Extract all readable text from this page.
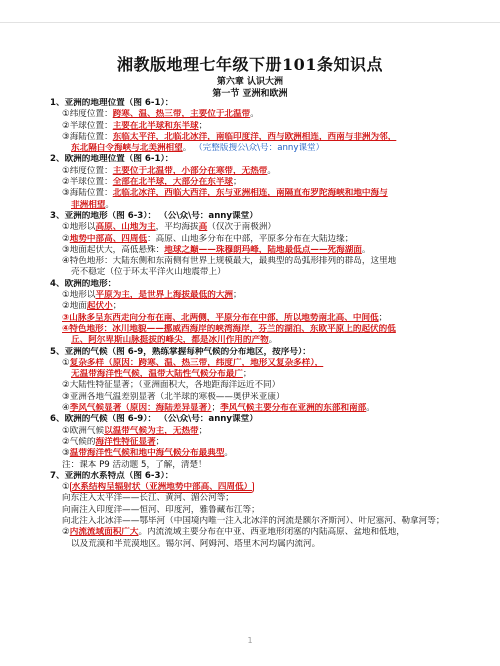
湘教版地理七年级下册101条知识点
第六章 认识大洲
第一节 亚洲和欧洲
1、亚洲的地理位置（图 6-1）：
①纬度位置：跨寒、温、热三带，主要位于北温带。
②半球位置：主要在北半球和东半球；
③海陆位置：东临太平洋，北临北冰洋，南临印度洋，西与欧洲相连，西南与非洲为邻，
东北隔白令海峡与北美洲相望。 （完整版搜公\众\号：anny课堂）
2、欧洲的地理位置（图 6-1）：
①纬度位置：主要位于北温带，小部分在寒带，无热带。
②半球位置：全部在北半球，大部分在东半球；
③海陆位置：北临北冰洋，西临大西洋，东与亚洲相连，南隔直布罗陀海峡和地中海与
非洲相望。
3、亚洲的地形（图 6-3）： （公\众\号：anny课堂）
①地形以高原、山地为主，平均海拔高（仅次于南极洲）
②地势中部高、四周低：高原、山地多分布在中部，平原多分布在大陆边缘；
③地面起伏大，高低悬殊：地球之巅——珠穆朗玛峰，陆地最低点——死海湖面。
④特色地形：大陆东侧和东南侧有世界上规模最大，最典型的岛弧形排列的群岛，这里地
壳不稳定（位于环太平洋火山地震带上）
4、欧洲的地形：
①地形以平原为主，是世界上海拔最低的大洲；
②地面起伏小；
③山脉多呈东西走向分布在南、北两侧，平原分布在中部，所以地势南北高、中间低；
④特色地形：冰川地貌——挪威西海岸的峡湾海岸，芬兰的湖泊、东欧平原上的起伏的低
丘、阿尔卑斯山脉挺拔的峰尖，都是冰川作用的产物。
5、亚洲的气候（图 6-9，熟练掌握每种气候的分布地区，按序号）：
①复杂多样（原因：跨寒、温、热三带，纬度广，地形又复杂多样），
无温带海洋性气候，温带大陆性气候分布最广；
②大陆性特征显著；（亚洲面积大，各地距海洋远近不同）
③亚洲各地气温差别显著（北半球的寒极——奥伊米亚康）
④季风气候显著（原因：海陆差异显著）；季风气候主要分布在亚洲的东部和南部。
6、欧洲的气候（图 6-9）： （公\众\号：anny课堂）
①欧洲气候以温带气候为主，无热带；
②气候的海洋性特征显著；
③温带海洋性气候和地中海气候分布最典型。
注：课本 P9 活动题 5，了解，清楚！
7、亚洲的水系特点（图 6-3）：
① 水系结构呈辐射状（亚洲地势中部高、四周低）
向东注入太平洋——长江、黄河、湄公河等；
向南注入印度洋——恒河、印度河，雅鲁藏布江等；
向北注入北冰洋——鄂毕河（中国境内唯一注入北冰洋的河流是额尔齐斯河）、叶尼塞河、勒拿河等；
②内流流域面积广大。内流流域主要分布在中亚、西亚地形闭塞的内陆高原、盆地和低地，
以及荒漠和半荒漠地区。锡尔河、阿姆河、塔里木河均属内流河。
1
